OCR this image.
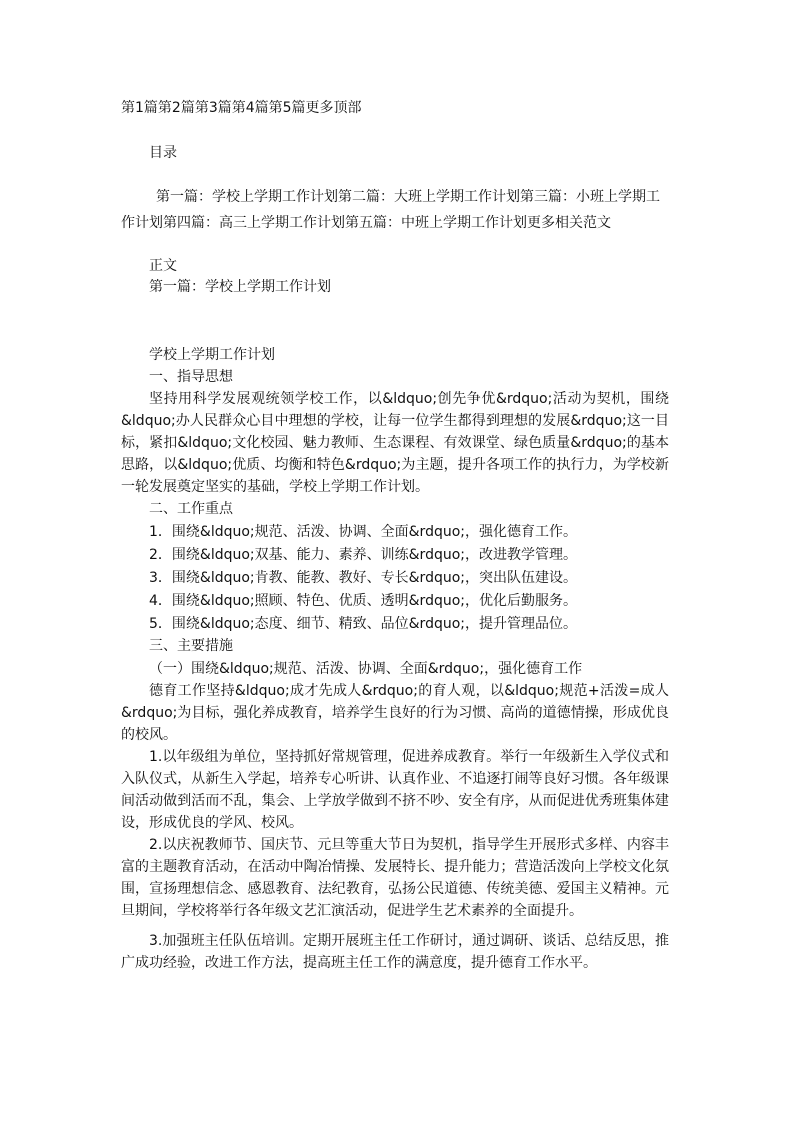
第1篇第2篇第3篇第4篇第5篇更多顶部
目录
第一篇：学校上学期工作计划第二篇：大班上学期工作计划第三篇：小班上学期工作计划第四篇：高三上学期工作计划第五篇：中班上学期工作计划更多相关范文
正文
第一篇：学校上学期工作计划
学校上学期工作计划
一、指导思想
坚持用科学发展观统领学校工作，以&ldquo;创先争优&rdquo;活动为契机，围绕&ldquo;办人民群众心目中理想的学校，让每一位学生都得到理想的发展&rdquo;这一目标，紧扣&ldquo;文化校园、魅力教师、生态课程、有效课堂、绿色质量&rdquo;的基本思路，以&ldquo;优质、均衡和特色&rdquo;为主题，提升各项工作的执行力，为学校新一轮发展奠定坚实的基础，学校上学期工作计划。
二、工作重点
1．围绕&ldquo;规范、活泼、协调、全面&rdquo;，强化德育工作。
2．围绕&ldquo;双基、能力、素养、训练&rdquo;，改进教学管理。
3．围绕&ldquo;肯教、能教、教好、专长&rdquo;，突出队伍建设。
4．围绕&ldquo;照顾、特色、优质、透明&rdquo;，优化后勤服务。
5．围绕&ldquo;态度、细节、精致、品位&rdquo;，提升管理品位。
三、主要措施
（一）围绕&ldquo;规范、活泼、协调、全面&rdquo;，强化德育工作
德育工作坚持&ldquo;成才先成人&rdquo;的育人观，以&ldquo;规范+活泼=成人&rdquo;为目标，强化养成教育，培养学生良好的行为习惯、高尚的道德情操，形成优良的校风。
1.以年级组为单位，坚持抓好常规管理，促进养成教育。举行一年级新生入学仪式和入队仪式，从新生入学起，培养专心听讲、认真作业、不追逐打闹等良好习惯。各年级课间活动做到活而不乱，集会、上学放学做到不挤不吵、安全有序，从而促进优秀班集体建设，形成优良的学风、校风。
2.以庆祝教师节、国庆节、元旦等重大节日为契机，指导学生开展形式多样、内容丰富的主题教育活动，在活动中陶冶情操、发展特长、提升能力；营造活泼向上学校文化氛围，宣扬理想信念、感恩教育、法纪教育，弘扬公民道德、传统美德、爱国主义精神。元旦期间，学校将举行各年级文艺汇演活动，促进学生艺术素养的全面提升。
3.加强班主任队伍培训。定期开展班主任工作研讨，通过调研、谈话、总结反思，推广成功经验，改进工作方法，提高班主任工作的满意度，提升德育工作水平。
